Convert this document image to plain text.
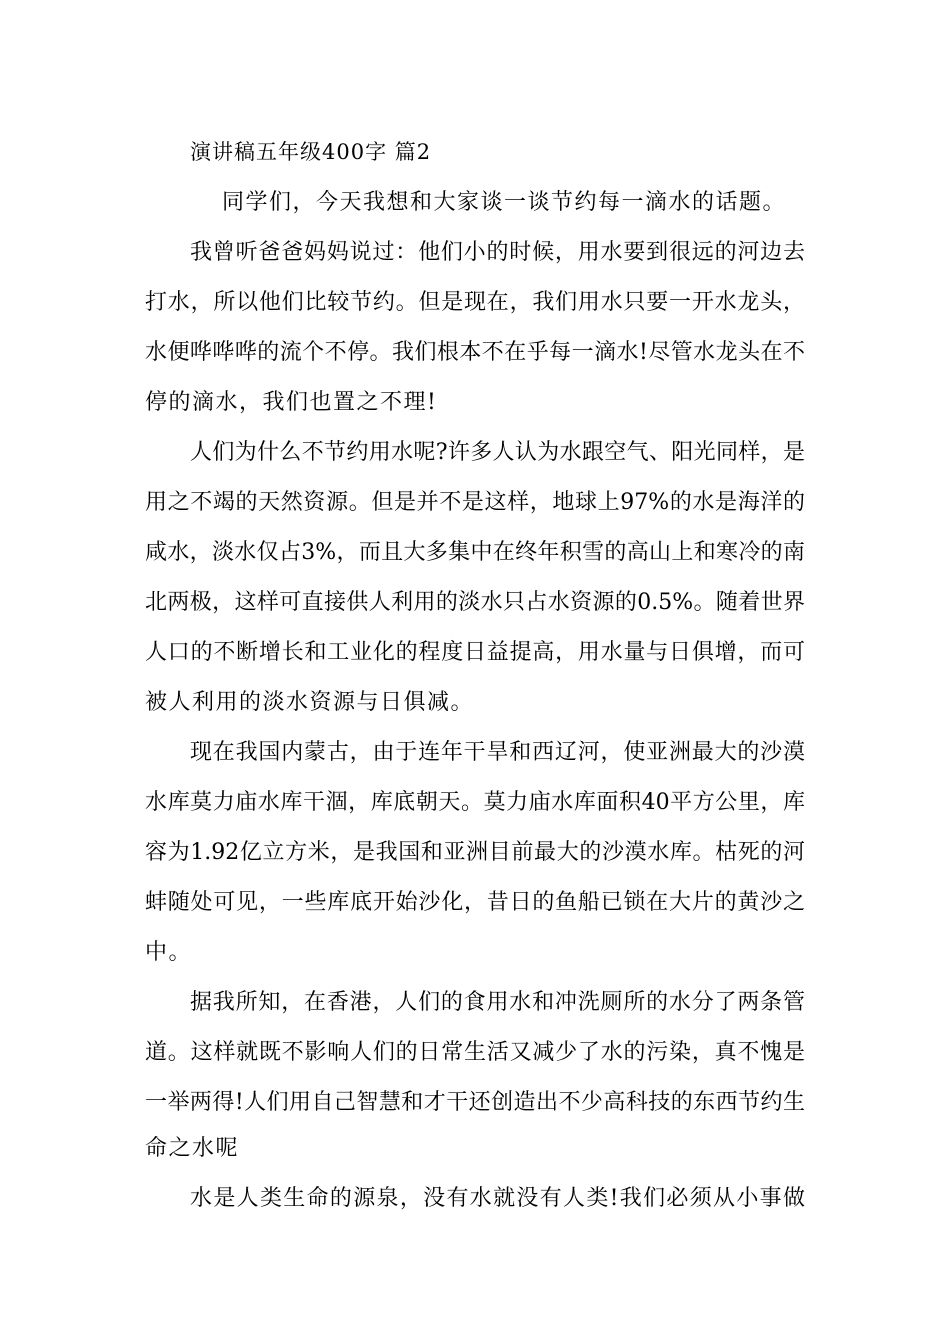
演讲稿五年级400字 篇2
同学们，今天我想和大家谈一谈节约每一滴水的话题。
我曾听爸爸妈妈说过：他们小的时候，用水要到很远的河边去
打水，所以他们比较节约。但是现在，我们用水只要一开水龙头，
水便哗哗哗的流个不停。我们根本不在乎每一滴水!尽管水龙头在不
停的滴水，我们也置之不理!
人们为什么不节约用水呢?许多人认为水跟空气、阳光同样，是
用之不竭的天然资源。但是并不是这样，地球上97%的水是海洋的
咸水，淡水仅占3%，而且大多集中在终年积雪的高山上和寒冷的南
北两极，这样可直接供人利用的淡水只占水资源的0.5%。随着世界
人口的不断增长和工业化的程度日益提高，用水量与日俱增，而可
被人利用的淡水资源与日俱减。
现在我国内蒙古，由于连年干旱和西辽河，使亚洲最大的沙漠
水库莫力庙水库干涸，库底朝天。莫力庙水库面积40平方公里，库
容为1.92亿立方米，是我国和亚洲目前最大的沙漠水库。枯死的河
蚌随处可见，一些库底开始沙化，昔日的鱼船已锁在大片的黄沙之
中。
据我所知，在香港，人们的食用水和冲洗厕所的水分了两条管
道。这样就既不影响人们的日常生活又减少了水的污染，真不愧是
一举两得!人们用自己智慧和才干还创造出不少高科技的东西节约生
命之水呢
水是人类生命的源泉，没有水就没有人类!我们必须从小事做
